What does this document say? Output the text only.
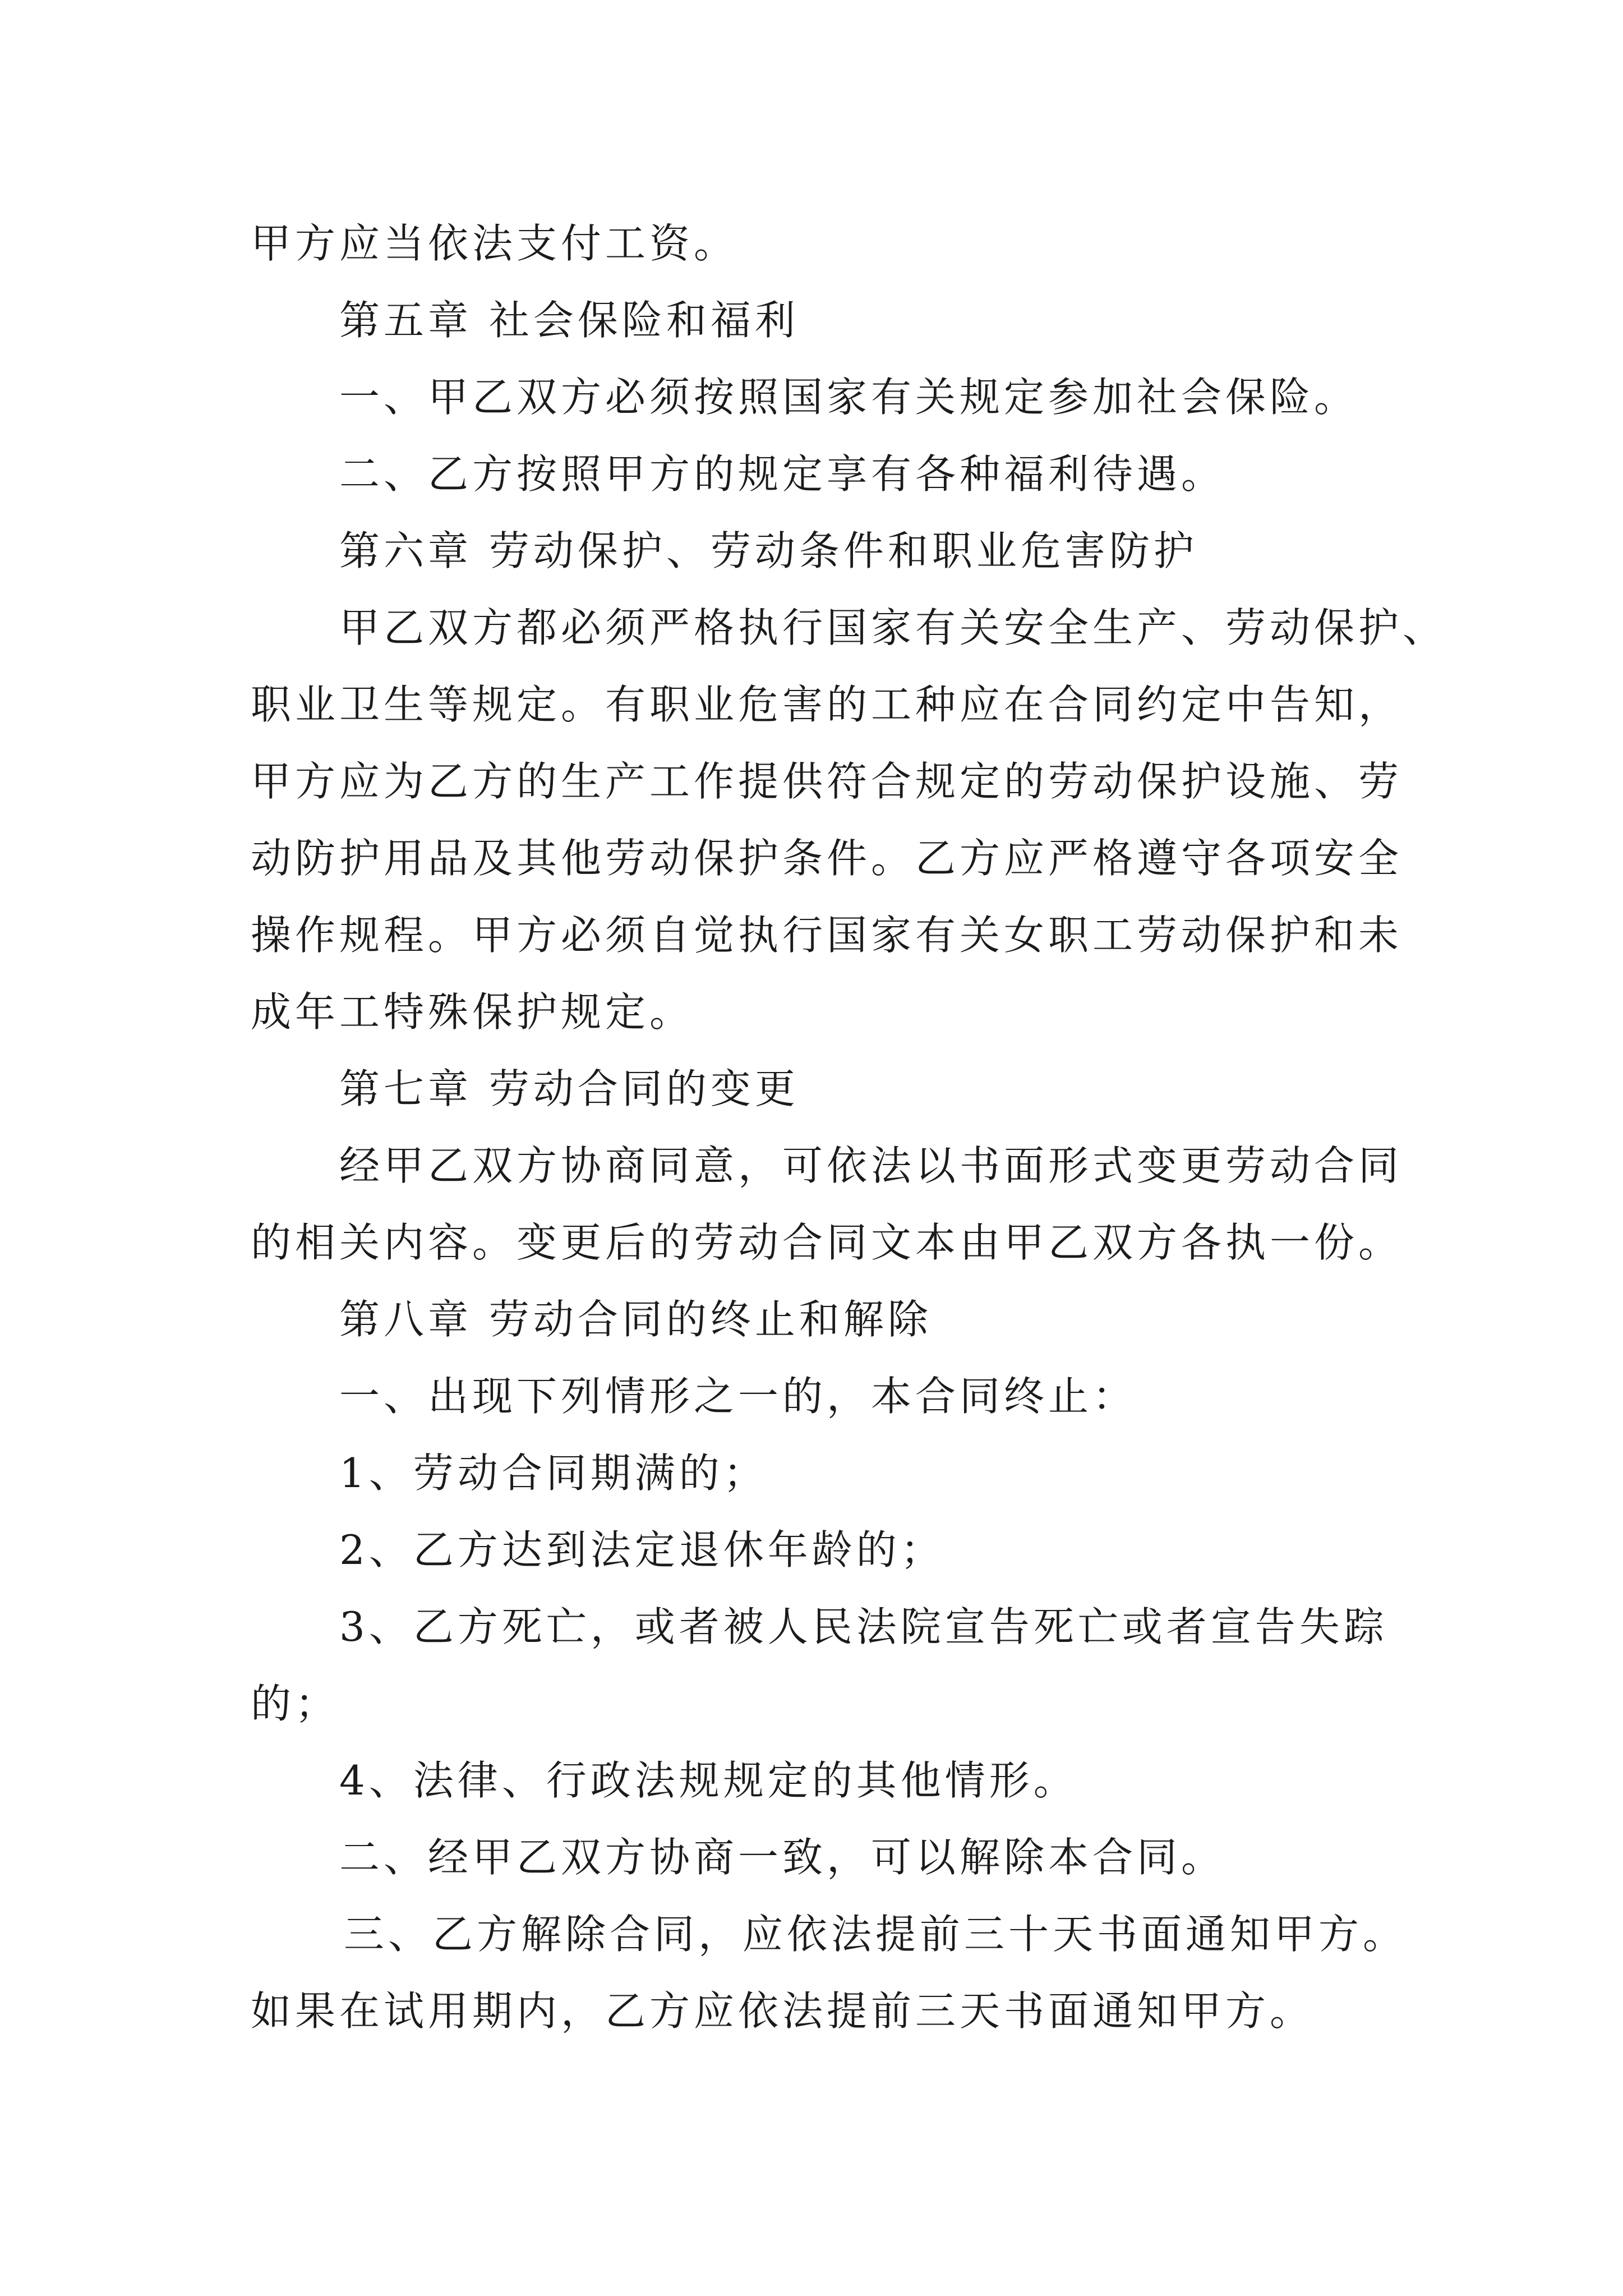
甲方应当依法支付工资。
第五章 社会保险和福利
一、甲乙双方必须按照国家有关规定参加社会保险。
二、乙方按照甲方的规定享有各种福利待遇。
第六章 劳动保护、劳动条件和职业危害防护
甲乙双方都必须严格执行国家有关安全生产、劳动保护、
职业卫生等规定。有职业危害的工种应在合同约定中告知，
甲方应为乙方的生产工作提供符合规定的劳动保护设施、劳
动防护用品及其他劳动保护条件。乙方应严格遵守各项安全
操作规程。甲方必须自觉执行国家有关女职工劳动保护和未
成年工特殊保护规定。
第七章 劳动合同的变更
经甲乙双方协商同意，可依法以书面形式变更劳动合同
的相关内容。变更后的劳动合同文本由甲乙双方各执一份。
第八章 劳动合同的终止和解除
一、出现下列情形之一的，本合同终止：
1、劳动合同期满的；
2、乙方达到法定退休年龄的；
3、乙方死亡，或者被人民法院宣告死亡或者宣告失踪
的；
4、法律、行政法规规定的其他情形。
二、经甲乙双方协商一致，可以解除本合同。
三、乙方解除合同，应依法提前三十天书面通知甲方。
如果在试用期内，乙方应依法提前三天书面通知甲方。
